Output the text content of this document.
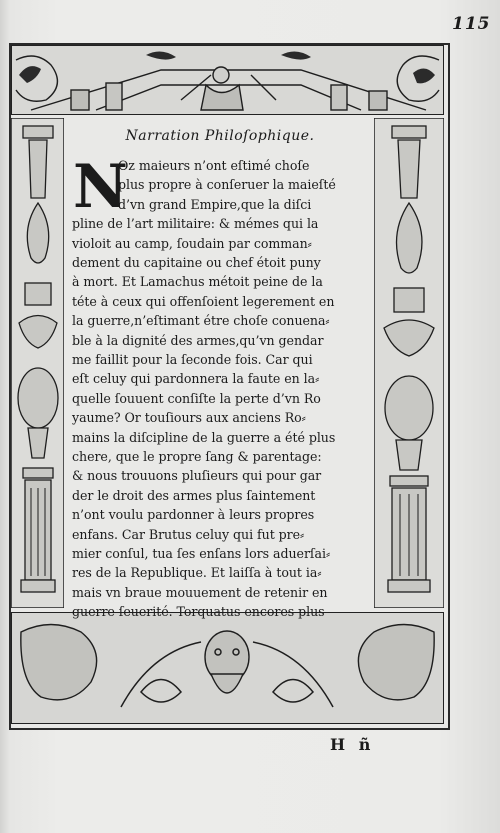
115
Narration Philoſophique.
N
Oz maieurs n’ont eſtimé choſe
plus propre à conſeruer la maieſté
d’vn grand Empire,que la diſci
pline de l’art militaire: & mémes qui la
violoit au camp, ſoudain par comman⸗
dement du capitaine ou chef étoit puny
à mort. Et Lamachus métoit peine de la
téte à ceux qui offenſoient legerement en
la guerre,n’eſtimant étre choſe conuena⸗
ble à la dignité des armes,qu’vn gendar
me faillit pour la ſeconde fois. Car qui
eſt celuy qui pardonnera la faute en la⸗
quelle ſouuent conſiſte la perte d’vn Ro
yaume? Or touſiours aux anciens Ro⸗
mains la diſcipline de la guerre a été plus
chere, que le propre ſang & parentage:
& nous trouuons pluſieurs qui pour gar
der le droit des armes plus ſaintement
n’ont voulu pardonner à leurs propres
enfans. Car Brutus celuy qui fut pre⸗
mier conſul, tua ſes enſans lors aduerſai⸗
res de la Republique. Et laiſſa à tout ia⸗
mais vn braue mouuement de retenir en
guerre ſeuerité. Torquatus encores plus
H ñ
